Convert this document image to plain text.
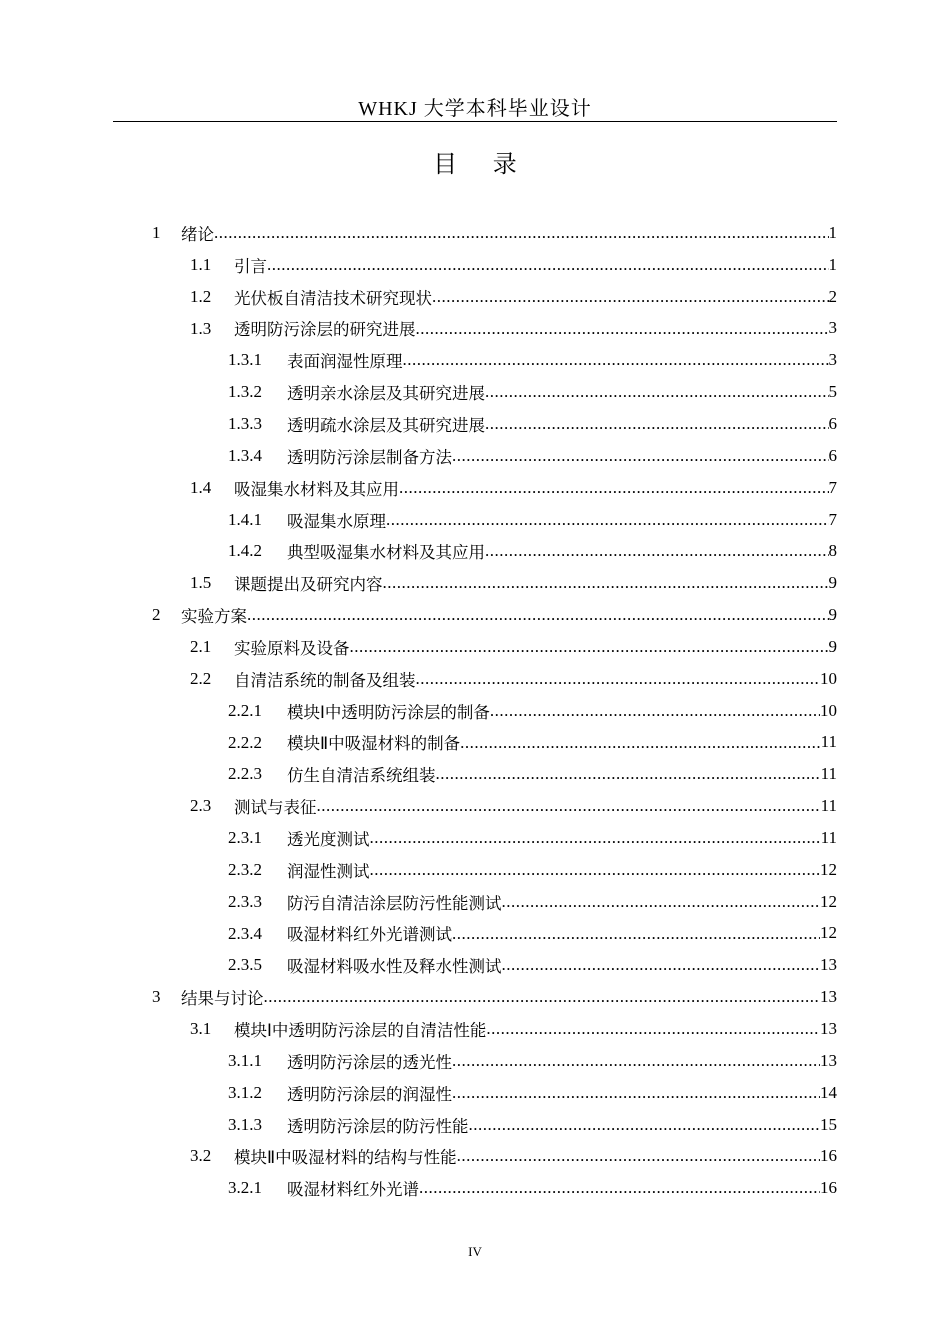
WHKJ 大学本科毕业设计
目 录
1 绪论 .....	1
1.1 引言 .....	1
1.2 光伏板自清洁技术研究现状 .....	2
1.3 透明防污涂层的研究进展 .....	3
1.3.1 表面润湿性原理 .....	3
1.3.2 透明亲水涂层及其研究进展 .....	5
1.3.3 透明疏水涂层及其研究进展 .....	6
1.3.4 透明防污涂层制备方法 .....	6
1.4 吸湿集水材料及其应用 .....	7
1.4.1 吸湿集水原理 .....	7
1.4.2 典型吸湿集水材料及其应用 .....	8
1.5 课题提出及研究内容 .....	9
2 实验方案 .....	9
2.1 实验原料及设备 .....	9
2.2 自清洁系统的制备及组装 .....	10
2.2.1 模块Ⅰ中透明防污涂层的制备 .....	10
2.2.2 模块Ⅱ中吸湿材料的制备 .....	11
2.2.3 仿生自清洁系统组装 .....	11
2.3 测试与表征 .....	11
2.3.1 透光度测试 .....	11
2.3.2 润湿性测试 .....	12
2.3.3 防污自清洁涂层防污性能测试 .....	12
2.3.4 吸湿材料红外光谱测试 .....	12
2.3.5 吸湿材料吸水性及释水性测试 .....	13
3 结果与讨论 .....	13
3.1 模块Ⅰ中透明防污涂层的自清洁性能 .....	13
3.1.1 透明防污涂层的透光性 .....	13
3.1.2 透明防污涂层的润湿性 .....	14
3.1.3 透明防污涂层的防污性能 .....	15
3.2 模块Ⅱ中吸湿材料的结构与性能 .....	16
3.2.1 吸湿材料红外光谱 .....	16
IV
